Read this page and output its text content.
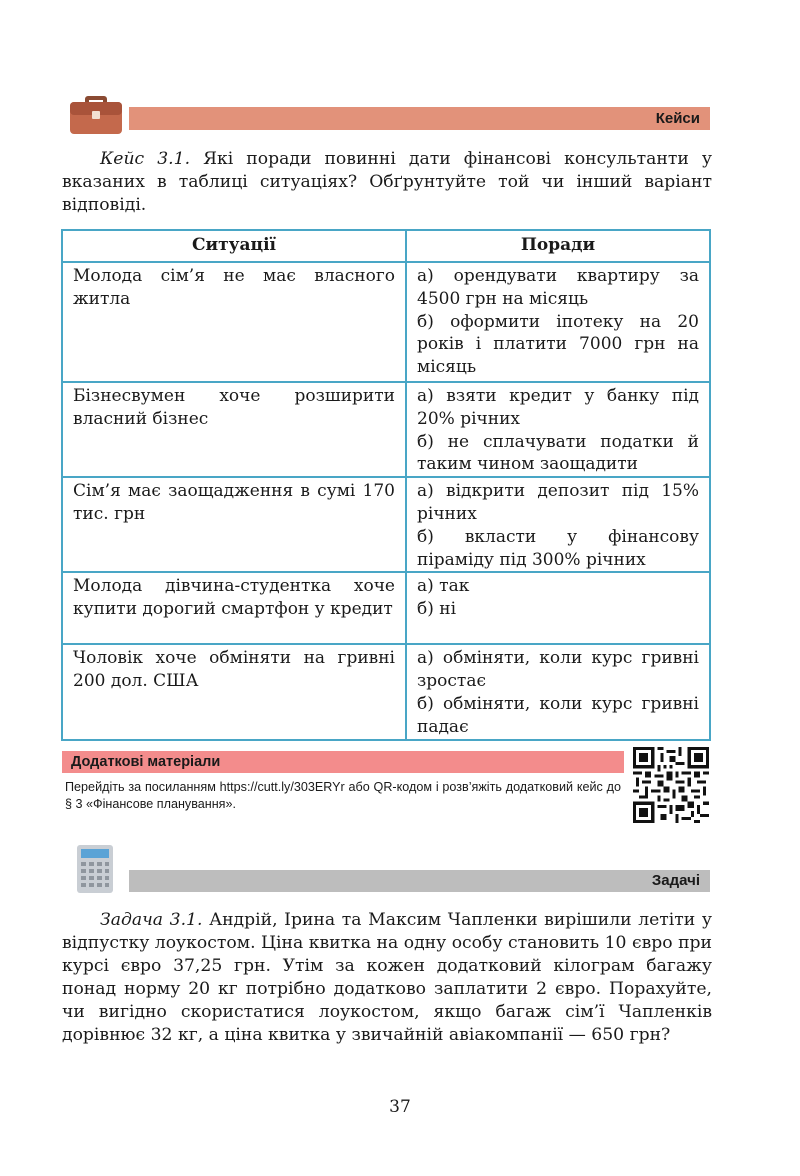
Кейси

Кейс 3.1. Які поради повинні дати фінансові консультанти у вказаних в таблиці ситуаціях? Обґрунтуйте той чи інший варіант відповіді.

Ситуації	Поради
Молода сім’я не має власного житла	а) орендувати квартиру за 4500 грн на місяць
б) оформити іпотеку на 20 років і платити 7000 грн на місяць

Бізнесвумен хоче розширити власний бізнес	а) взяти кредит у банку під 20% річних
б) не сплачувати податки й таким чином заощадити

Сім’я має заощадження в сумі 170 тис. грн	а) відкрити депозит під 15% річних
б) вкласти у фінансову піраміду під 300% річних

Молода дівчина-студентка хоче купити дорогий смартфон у кредит	а) так
б) ні

Чоловік хоче обміняти на гривні 200 дол. США	а) обміняти, коли курс гривні зростає
б) обміняти, коли курс гривні падає
Додаткові матеріали

Перейдіть за посиланням https://cutt.ly/303ERYr або QR-кодом і розв’яжіть додатковий кейс до § 3 «Фінансове планування».

Задачі

Задача 3.1. Андрій, Ірина та Максим Чапленки вирішили летіти у відпустку лоукостом. Ціна квитка на одну особу становить 10 євро при курсі євро 37,25 грн. Утім за кожен додатковий кілограм багажу понад норму 20 кг потрібно додатково заплатити 2 євро. Порахуйте, чи вигідно скористатися лоукостом, якщо багаж сім’ї Чапленків дорівнює 32 кг, а ціна квитка у звичайній авіакомпанії — 650 грн?

37
